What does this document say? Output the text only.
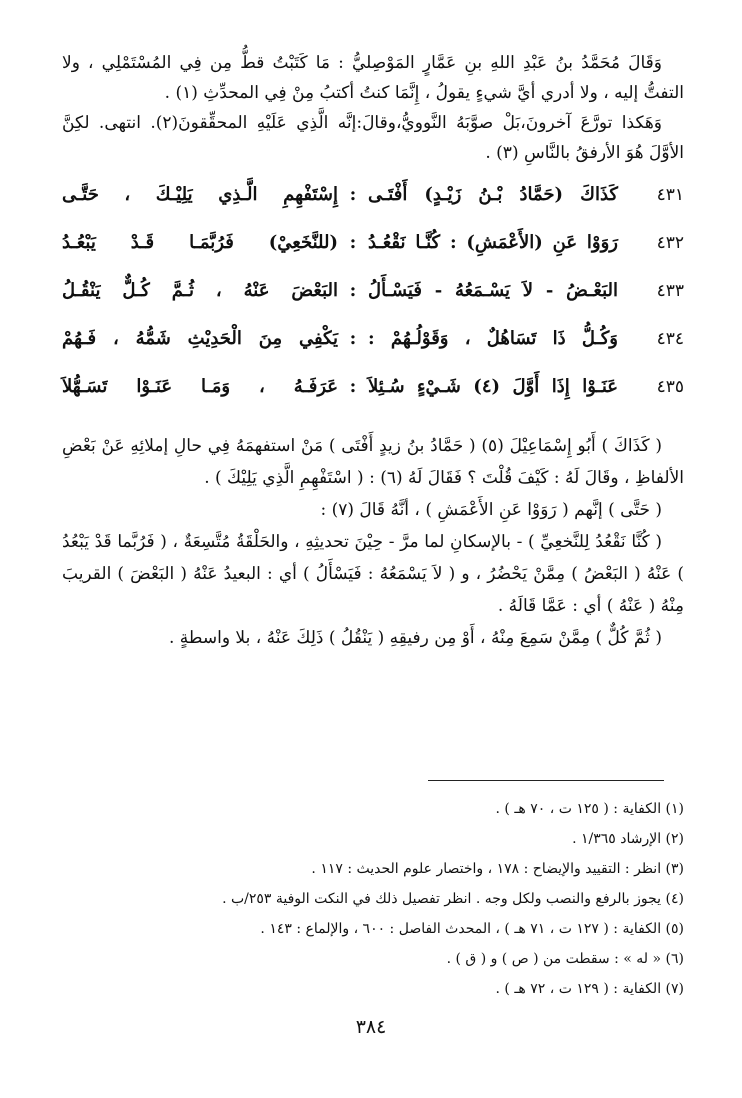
وَقَالَ مُحَمَّدُ بنُ عَبْدِ اللهِ بنِ عَمَّارٍ المَوْصِليُّ : مَا كَتَبْتُ قطُّ مِن فِي المُسْتَمْلِي ، ولا التفتُّ إليه ، ولا أدري أيَّ شيءٍ يقولُ ، إِنَّمَا كنتُ أكتبُ مِنْ فِي المحدِّثِ (١) .

وَهَكذا تورَّعَ آخرونَ،بَلْ صوَّبَهُ النَّوويُّ،وقالَ:إنَّه الَّذِي عَلَيْهِ المحقِّقونَ(٢). انتهى. لكِنَّ الأوَّلَ هُوَ الأرفقُ بالنَّاسِ (٣) .

٤٣١
كَذَاكَ (حَمَّادُ بْـنُ زَيْـدٍ) أَفْتَـى
:
إِسْتَفْهِمِ الَّـذِي يَلِيْـكَ ، حَتَّـى
٤٣٢
رَوَوْا عَنِ (الأَعْمَشِ) : كُنَّـا نَقْعُـدُ
:
(للنَّخَعِيْ) فَرُبَّمَـا قَـدْ يَبْعُـدُ
٤٣٣
البَعْـضُ - لاَ يَسْـمَعُهُ - فَيَسْـأَلُ
:
البَعْضَ عَنْهُ ، ثُـمَّ كُـلٌّ يَنْقُـلُ
٤٣٤
وَكُـلُّ ذَا تَسَاهُلٌ ، وَقَوْلُـهُمْ :
:
يَكْفِي مِنَ الْحَدِيْثِ شَمُّهُ ، فَـهُمْ
٤٣٥
عَنَـوْا إِذَا أَوَّلَ (٤) شَـيْءٍ سُـئِلاَ
:
عَرَفَـهُ ، وَمَـا عَنَـوْا تَسَـهُّلاَ

( كَذَاكَ ) أَبُو إِسْمَاعِيْلَ (٥) ( حَمَّادُ بنُ زيدٍ أَفْتَى ) مَنْ استفهمَهُ فِي حالِ إملائِهِ عَنْ بَعْضِ الألفاظِ ، وقَالَ لَهُ : كَيْفَ قُلْتَ ؟ فَقَالَ لَهُ (٦) : ( اسْتَفْهِمِ الَّذِي يَلِيْكَ ) .

( حَتَّى ) إنَّهم ( رَوَوْا عَنِ الأَعْمَشِ ) ، أنَّهُ قَالَ (٧) :

( كُنَّا نَقْعُدُ لِلنَّخعِيِّ ) - بالإسكانِ لما مرَّ - حِيْنَ تحديثِهِ ، والحَلْقَةُ مُتَّسِعَةٌ ، ( فَرُبَّما قَدْ يَبْعُدُ ) عَنْهُ ( البَعْضُ ) مِمَّنْ يَحْضُرُ ، و ( لاَ يَسْمَعُهُ : فَيَسْأَلُ ) أي : البعيدُ عَنْهُ ( البَعْضَ ) القريبَ مِنْهُ ( عَنْهُ ) أي : عَمَّا قَالَهُ .

( ثُمَّ كُلٌّ ) مِمَّنْ سَمِعَ مِنْهُ ، أَوْ مِن رفيقِهِ ( يَنْقُلُ ) ذَلِكَ عَنْهُ ، بلا واسطةٍ .

(١) الكفاية : ( ١٢٥ ت ، ٧٠ هـ ) .
(٢) الإرشاد ١/٣٦٥ .
(٣) انظر : التقييد والإيضاح : ١٧٨ ، واختصار علوم الحديث : ١١٧ .
(٤) يجوز بالرفع والنصب ولكل وجه . انظر تفصيل ذلك في النكت الوفية ٢٥٣/ب .
(٥) الكفاية : ( ١٢٧ ت ، ٧١ هـ ) ، المحدث الفاصل : ٦٠٠ ، والإلماع : ١٤٣ .
(٦) « له » : سقطت من ( ص ) و ( ق ) .
(٧) الكفاية : ( ١٢٩ ت ، ٧٢ هـ ) .
٣٨٤
